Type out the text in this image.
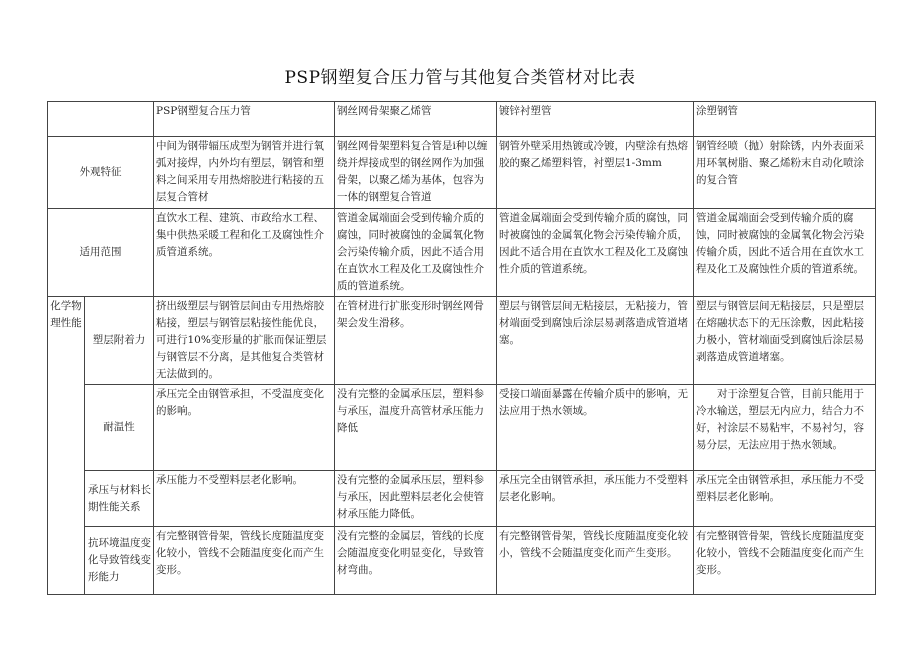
PSP钢塑复合压力管与其他复合类管材对比表
		PSP钢塑复合压力管	钢丝网骨架聚乙烯管	镀锌衬塑管	涂塑钢管
外观特征		中间为钢带辐压成型为钢管并进行氧弧对接焊，内外均有塑层，钢管和塑料之间采用专用热熔胶进行粘接的五层复合管材	钢丝网骨架塑料复合管是i种以缠绕并焊接成型的钢丝网作为加强骨架，以聚乙烯为基体，包容为一体的钢塑复合管道	钢管外壁采用热镀或冷镀，内壁涂有热熔胶的聚乙烯塑料管，衬塑层1-3mm	钢管经喷（抛）射除锈，内外表面采用环氧树脂、聚乙烯粉末自动化喷涂的复合管
适用范围		直饮水工程、建筑、市政给水工程、集中供热采暖工程和化工及腐蚀性介质管道系统。	管道金属端面会受到传输介质的腐蚀，同时被腐蚀的金属氧化物会污染传输介质，因此不适合用在直饮水工程及化工及腐蚀性介质的管道系统。	管道金属端面会受到传输介质的腐蚀，同时被腐蚀的金属氧化物会污染传输介质，因此不适合用在直饮水工程及化工及腐蚀性介质的管道系统。	管道金属端面会受到传输介质的腐蚀，同时被腐蚀的金属氧化物会污染传输介质，因此不适合用在直饮水工程及化工及腐蚀性介质的管道系统。
化学物理性能	塑层附着力	挤出级塑层与钢管层间由专用热熔胶粘接，塑层与钢管层粘接性能优良，可进行10%变形量的扩胀而保证塑层与钢管层不分离，是其他复合类管材无法做到的。	在管材进行扩胀变形时钢丝网骨架会发生滑移。	塑层与钢管层间无粘接层，无粘接力，管材端面受到腐蚀后涂层易剥落造成管道堵塞。	塑层与钢管层间无粘接层，只是塑层在熔融状态下的无压涂敷，因此粘接力极小，管材端面受到腐蚀后涂层易剥落造成管道堵塞。
	耐温性	承压完全由钢管承担，不受温度变化的影响。	没有完整的金属承压层，塑料参与承压，温度升高管材承压能力降低	受接口端面暴露在传输介质中的影响，无法应用于热水领域。	对于涂塑复合管，目前只能用于冷水输送，塑层无内应力，结合力不好，衬涂层不易粘牢，不易衬匀，容易分层，无法应用于热水领域。
	承压与材料长期性能关系	承压能力不受塑料层老化影响。	没有完整的金属承压层，塑料参与承压，因此塑料层老化会使管材承压能力降低。	承压完全由钢管承担，承压能力不受塑料层老化影响。	承压完全由钢管承担，承压能力不受塑料层老化影响。
	抗环境温度变化导致管线变形能力	有完整钢管骨架，管线长度随温度变化较小，管线不会随温度变化而产生变形。	没有完整的金属层，管线的长度会随温度变化明显变化，导致管材弯曲。	有完整钢管骨架，管线长度随温度变化较小，管线不会随温度变化而产生变形。	有完整钢管骨架，管线长度随温度变化较小，管线不会随温度变化而产生变形。
